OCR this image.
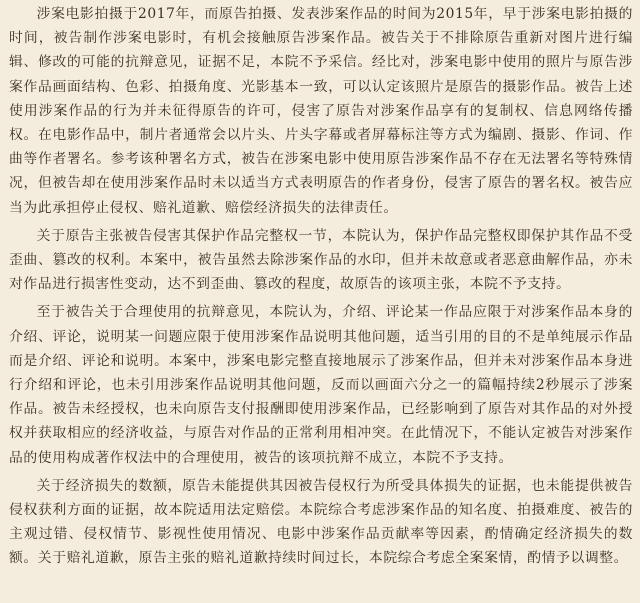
涉案电影拍摄于2017年，而原告拍摄、发表涉案作品的时间为2015年，早于涉案电影拍摄的时间，被告制作涉案电影时，有机会接触原告涉案作品。被告关于不排除原告重新对图片进行编辑、修改的可能的抗辩意见，证据不足，本院不予采信。经比对，涉案电影中使用的照片与原告涉案作品画面结构、色彩、拍摄角度、光影基本一致，可以认定该照片是原告的摄影作品。被告上述使用涉案作品的行为并未征得原告的许可，侵害了原告对涉案作品享有的复制权、信息网络传播权。在电影作品中，制片者通常会以片头、片头字幕或者屏幕标注等方式为编剧、摄影、作词、作曲等作者署名。参考该种署名方式，被告在涉案电影中使用原告涉案作品不存在无法署名等特殊情况，但被告却在使用涉案作品时未以适当方式表明原告的作者身份，侵害了原告的署名权。被告应当为此承担停止侵权、赔礼道歉、赔偿经济损失的法律责任。

关于原告主张被告侵害其保护作品完整权一节，本院认为，保护作品完整权即保护其作品不受歪曲、篡改的权利。本案中，被告虽然去除涉案作品的水印，但并未故意或者恶意曲解作品，亦未对作品进行损害性变动，达不到歪曲、篡改的程度，故原告的该项主张，本院不予支持。

至于被告关于合理使用的抗辩意见，本院认为，介绍、评论某一作品应限于对涉案作品本身的介绍、评论，说明某一问题应限于使用涉案作品说明其他问题，适当引用的目的不是单纯展示作品而是介绍、评论和说明。本案中，涉案电影完整直接地展示了涉案作品，但并未对涉案作品本身进行介绍和评论，也未引用涉案作品说明其他问题，反而以画面六分之一的篇幅持续2秒展示了涉案作品。被告未经授权，也未向原告支付报酬即使用涉案作品，已经影响到了原告对其作品的对外授权并获取相应的经济收益，与原告对作品的正常利用相冲突。在此情况下，不能认定被告对涉案作品的使用构成著作权法中的合理使用，被告的该项抗辩不成立，本院不予支持。

关于经济损失的数额，原告未能提供其因被告侵权行为所受具体损失的证据，也未能提供被告侵权获利方面的证据，故本院适用法定赔偿。本院综合考虑涉案作品的知名度、拍摄难度、被告的主观过错、侵权情节、影视性使用情况、电影中涉案作品贡献率等因素，酌情确定经济损失的数额。关于赔礼道歉，原告主张的赔礼道歉持续时间过长，本院综合考虑全案案情，酌情予以调整。
